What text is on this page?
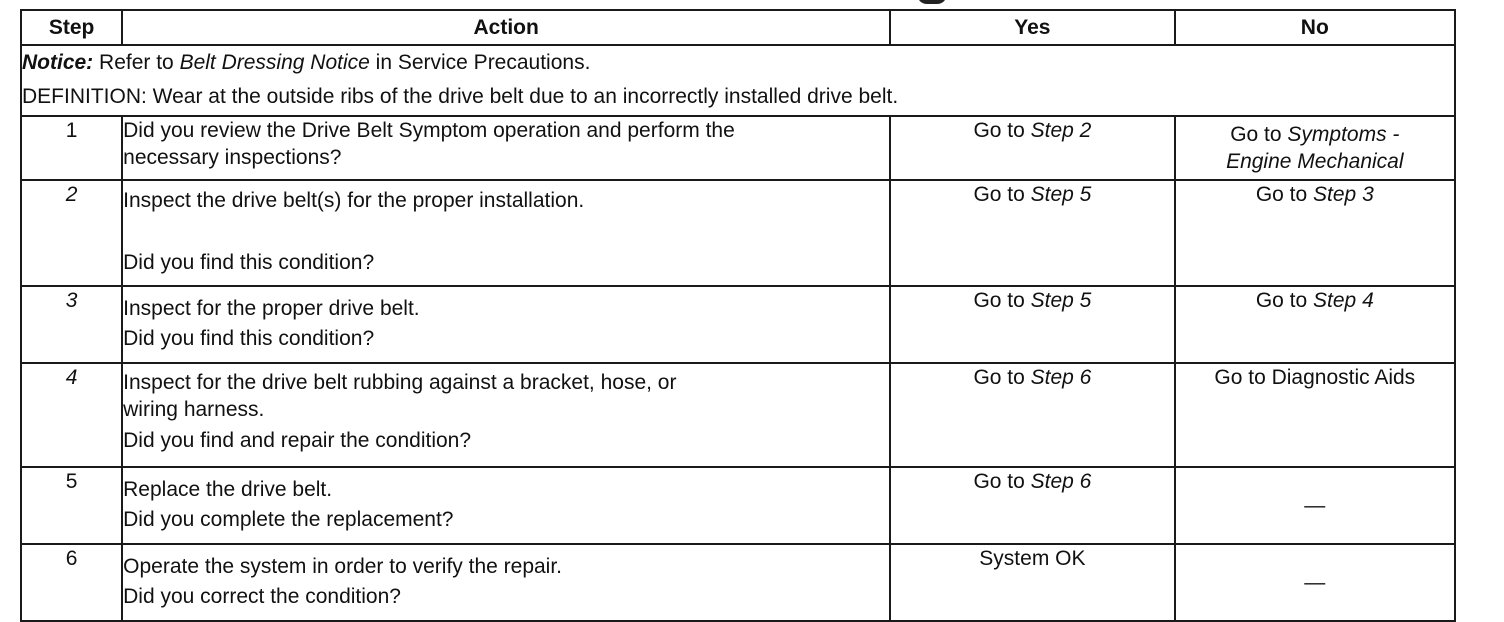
Step	Action	Yes	No

Notice: Refer to Belt Dressing Notice in Service Precautions.
DEFINITION: Wear at the outside ribs of the drive belt due to an incorrectly installed drive belt.			

1	Did you review the Drive Belt Symptom operation and perform the
necessary inspections?	Go to Step 2	Go to Symptoms -
Engine Mechanical
2	Inspect the drive belt(s) for the proper installation.
Did you find this condition?	Go to Step 5	Go to Step 3
3	Inspect for the proper drive belt.
Did you find this condition?	Go to Step 5	Go to Step 4
4	Inspect for the drive belt rubbing against a bracket, hose, or
wiring harness.
Did you find and repair the condition?	Go to Step 6	Go to Diagnostic Aids
5	Replace the drive belt.
Did you complete the replacement?	Go to Step 6	—
6	Operate the system in order to verify the repair.
Did you correct the condition?	System OK	—
